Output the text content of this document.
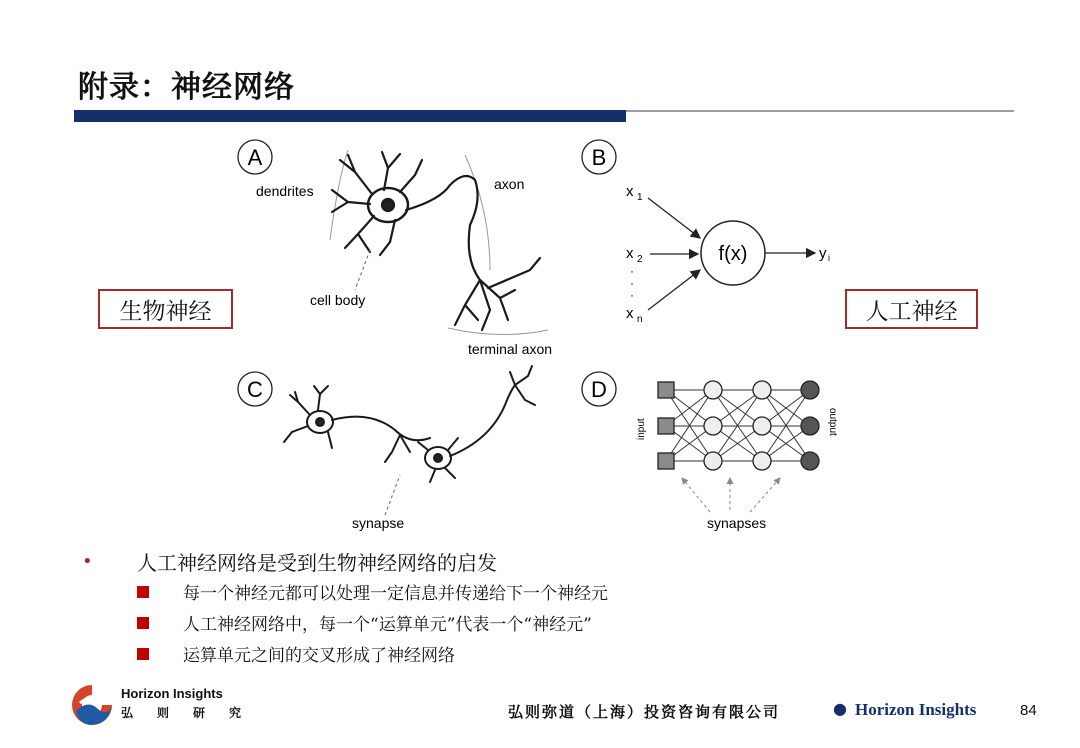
附录：神经网络
A
dendrites	axon
cell body
terminal axon
B
x 1
x 2
·
·
·
x n
f(x)	y i
C
synapse
D
input	output
synapses
生物神经	人工神经
•	人工神经网络是受到生物神经网络的启发
每一个神经元都可以处理一定信息并传递给下一个神经元
人工神经网络中，每一个“运算单元”代表一个“神经元”
运算单元之间的交叉形成了神经网络
Horizon Insights
弘则研究	弘则弥道（上海）投资咨询有限公司	● Horizon Insights	84
